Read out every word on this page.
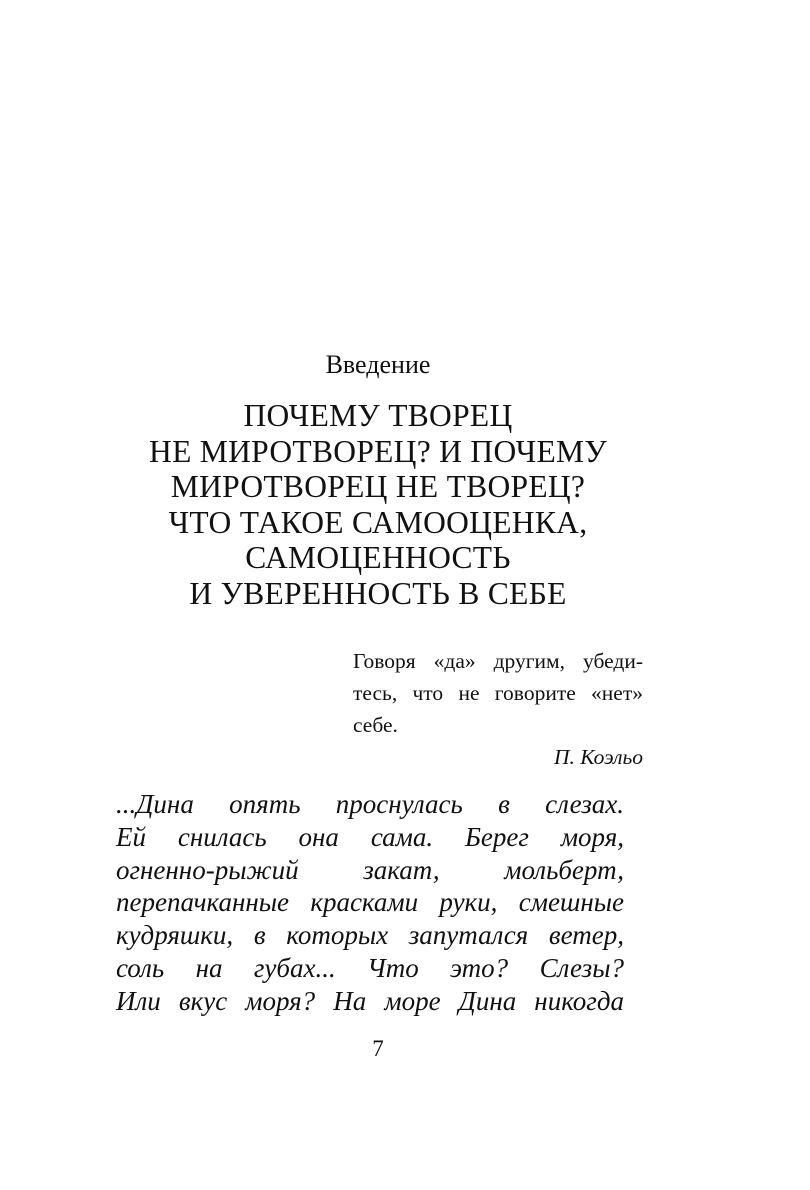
Введение
ПОЧЕМУ ТВОРЕЦ
НЕ МИРОТВОРЕЦ? И ПОЧЕМУ
МИРОТВОРЕЦ НЕ ТВОРЕЦ?
ЧТО ТАКОЕ САМООЦЕНКА,
САМОЦЕННОСТЬ
И УВЕРЕННОСТЬ В СЕБЕ
Говоря «да» другим, убеди-
тесь, что не говорите «нет»
себе.
П. Коэльо
...Дина опять проснулась в слезах.
Ей снилась она сама. Берег моря,
огненно-рыжий закат, мольберт,
перепачканные красками руки, смешные
кудряшки, в которых запутался ветер,
соль на губах... Что это? Слезы?
Или вкус моря? На море Дина никогда
7
